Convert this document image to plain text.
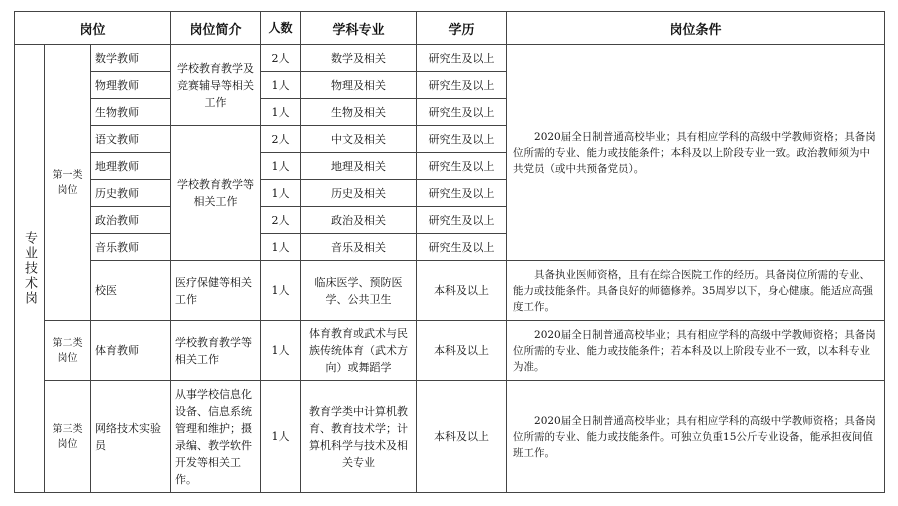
岗位			岗位简介	人数	学科专业	学历	岗位条件

专业技术岗	第一类岗位	数学教师	学校教育教学及竞赛辅导等相关工作	2人	数学及相关	研究生及以上	2020届全日制普通高校毕业；具有相应学科的高级中学教师资格；具备岗位所需的专业、能力或技能条件；本科及以上阶段专业一致。政治教师须为中共党员（或中共预备党员）。

		物理教师		1人	物理及相关	研究生及以上	
		生物教师		1人	生物及相关	研究生及以上	
		语文教师	学校教育教学等相关工作	2人	中文及相关	研究生及以上	
		地理教师		1人	地理及相关	研究生及以上	
		历史教师		1人	历史及相关	研究生及以上	
		政治教师		2人	政治及相关	研究生及以上	
		音乐教师		1人	音乐及相关	研究生及以上	
		校医	医疗保健等相关工作	1人	临床医学、预防医学、公共卫生	本科及以上	具备执业医师资格，且有在综合医院工作的经历。具备岗位所需的专业、能力或技能条件。具备良好的师德修养。35周岁以下，身心健康。能适应高强度工作。

	第二类岗位	体育教师	学校教育教学等相关工作	1人	体育教育或武术与民族传统体育（武术方向）或舞蹈学	本科及以上	2020届全日制普通高校毕业；具有相应学科的高级中学教师资格；具备岗位所需的专业、能力或技能条件；若本科及以上阶段专业不一致，以本科专业为准。

	第三类岗位	网络技术实验员	从事学校信息化设备、信息系统管理和维护；摄录编、教学软件开发等相关工作。	1人	教育学类中计算机教育、教育技术学；计算机科学与技术及相关专业	本科及以上	2020届全日制普通高校毕业；具有相应学科的高级中学教师资格；具备岗位所需的专业、能力或技能条件。可独立负重15公斤专业设备，能承担夜间值班工作。
